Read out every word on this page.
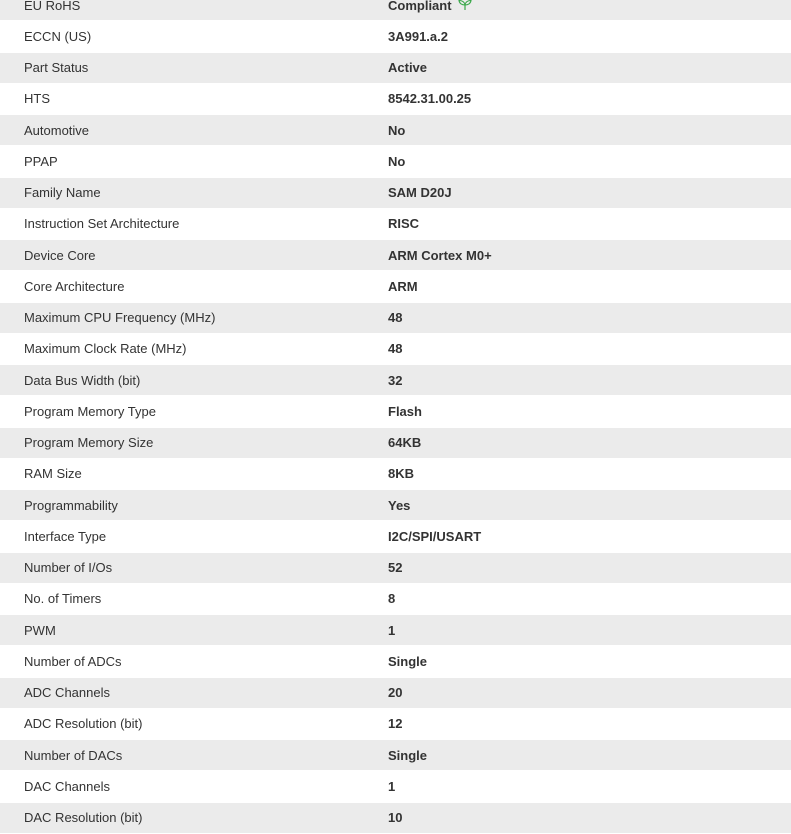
EU RoHS	Compliant
ECCN (US)	3A991.a.2
Part Status	Active
HTS	8542.31.00.25
Automotive	No
PPAP	No
Family Name	SAM D20J
Instruction Set Architecture	RISC
Device Core	ARM Cortex M0+
Core Architecture	ARM
Maximum CPU Frequency (MHz)	48
Maximum Clock Rate (MHz)	48
Data Bus Width (bit)	32
Program Memory Type	Flash
Program Memory Size	64KB
RAM Size	8KB
Programmability	Yes
Interface Type	I2C/SPI/USART
Number of I/Os	52
No. of Timers	8
PWM	1
Number of ADCs	Single
ADC Channels	20
ADC Resolution (bit)	12
Number of DACs	Single
DAC Channels	1
DAC Resolution (bit)	10
